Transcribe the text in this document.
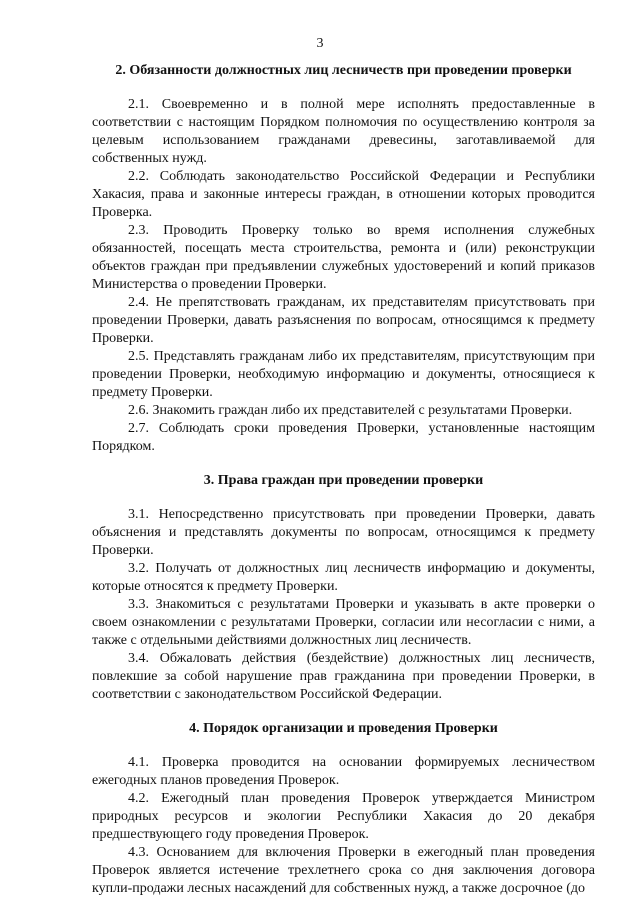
3
2. Обязанности должностных лиц лесничеств при проведении проверки

2.1. Своевременно и в полной мере исполнять предоставленные в соответствии с настоящим Порядком полномочия по осуществлению контроля за целевым использованием гражданами древесины, заготавливаемой для собственных нужд.

2.2. Соблюдать законодательство Российской Федерации и Республики Хакасия, права и законные интересы граждан, в отношении которых проводится Проверка.

2.3. Проводить Проверку только во время исполнения служебных обязанностей, посещать места строительства, ремонта и (или) реконструкции объектов граждан при предъявлении служебных удостоверений и копий приказов Министерства о проведении Проверки.

2.4. Не препятствовать гражданам, их представителям присутствовать при проведении Проверки, давать разъяснения по вопросам, относящимся к предмету Проверки.

2.5. Представлять гражданам либо их представителям, присутствующим при проведении Проверки, необходимую информацию и документы, относящиеся к предмету Проверки.

2.6. Знакомить граждан либо их представителей с результатами Проверки.

2.7. Соблюдать сроки проведения Проверки, установленные настоящим Порядком.

3. Права граждан при проведении проверки

3.1. Непосредственно присутствовать при проведении Проверки, давать объяснения и представлять документы по вопросам, относящимся к предмету Проверки.

3.2. Получать от должностных лиц лесничеств информацию и документы, которые относятся к предмету Проверки.

3.3. Знакомиться с результатами Проверки и указывать в акте проверки о своем ознакомлении с результатами Проверки, согласии или несогласии с ними, а также с отдельными действиями должностных лиц лесничеств.

3.4. Обжаловать действия (бездействие) должностных лиц лесничеств, повлекшие за собой нарушение прав гражданина при проведении Проверки, в соответствии с законодательством Российской Федерации.

4. Порядок организации и проведения Проверки

4.1. Проверка проводится на основании формируемых лесничеством ежегодных планов проведения Проверок.

4.2. Ежегодный план проведения Проверок утверждается Министром природных ресурсов и экологии Республики Хакасия до 20 декабря предшествующего году проведения Проверок.

4.3. Основанием для включения Проверки в ежегодный план проведения Проверок является истечение трехлетнего срока со дня заключения договора купли-продажи лесных насаждений для собственных нужд, а также досрочное (до
